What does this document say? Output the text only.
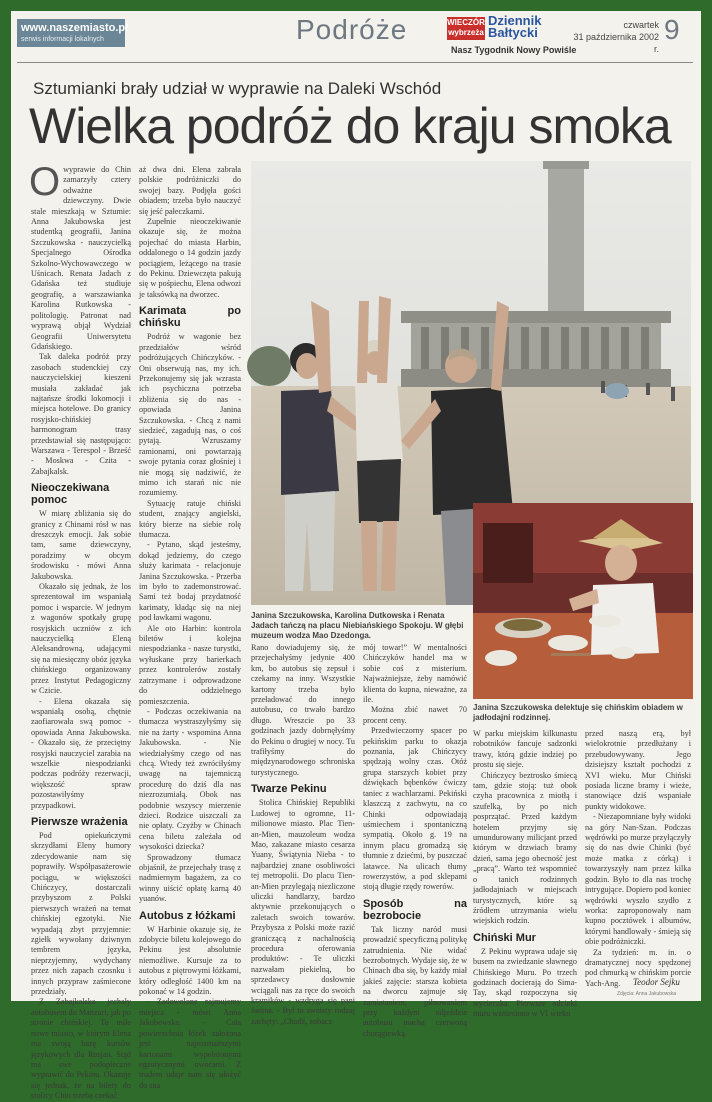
www.naszemiasto.pl
serwis informacji lokalnych	Podróże	WIECZÓR wybrzeża
Dziennik
Bałtycki
Nasz Tygodnik Nowy Powiśle
czwartek
31 października 2002 r.
9
Sztumianki brały udział w wyprawie na Daleki Wschód
Wielka podróż do kraju smoka
O wyprawie do Chin zamarzyły cztery odważne dziewczyny. Dwie stale mieszkają w Sztumie: Anna Jakubowska jest studentką geografii, Janina Szczukowska - nauczycielką Specjalnego Ośrodka Szkolno-Wychowawczego w Uśnicach. Renata Jadach z Gdańska też studiuje geografię, a warszawianka Karolina Rutkowska - politologię. Patronat nad wyprawą objął Wydział Geografii Uniwersytetu Gdańskiego.

Tak daleka podróż przy zasobach studenckiej czy nauczycielskiej kieszeni musiała zakładać jak najtańsze środki lokomocji i miejsca hotelowe. Do granicy rosyjsko-chińskiej harmonogram trasy przedstawiał się następująco: Warszawa - Terespol - Brześć - Moskwa - Czita - Zabajkalsk.

Nieoczekiwana pomoc

W miarę zbliżania się do granicy z Chinami rósł w nas dreszczyk emocji. Jak sobie tam, same dziewczyny, poradzimy w obcym środowisku - mówi Anna Jakubowska.

Okazało się jednak, że los sprezentował im wspaniałą pomoc i wsparcie. W jednym z wagonów spotkały grupę rosyjskich uczniów z ich nauczycielką Eleną Aleksandrowną, udającymi się na miesięczny obóz języka chińskiego organizowany przez Instytut Pedagogiczny w Czicie.

- Elena okazała się wspaniałą osobą, chętnie zaofiarowała swą pomoc - opowiada Anna Jakubowska. - Okazało się, że przeciętny rosyjski nauczyciel zarabia na wszelkie niespodzianki podczas podróży rezerwacji, większość spraw pozostawiłyśmy przypadkowi.

Pierwsze wrażenia

Pod opiekuńczymi skrzydłami Eleny humory zdecydowanie nam się poprawiły. Współpasażerowie pociągu, w większości Chińczycy, dostarczali przybyszom z Polski pierwszych wrażeń na temat chińskiej egzotyki. Nie wypadają zbyt przyjemnie: zgiełk wywołany dziwnym tembrem języka, nieprzyjemny, wydychany przez nich zapach czosnku i innych przypraw zaśmiecone przedziały.

Z Zabajkalska jechały autobusem do Manzuri, jak po stronie chińskiej. To miłe nowe miasto, w którym Elena ma swoją bazę kursów językowych dla Rosjan. Stąd ma swe podopieczne wyprawić do Pekinu. Okazuje się jednak, że na bilety do stolicy Chin trzeba czekać

aż dwa dni. Elena zabrała polskie podróżniczki do swojej bazy. Podjęła gości obiadem; trzeba było nauczyć się jeść pałeczkami.

Zupełnie nieoczekiwanie okazuje się, że można pojechać do miasta Harbin, oddalonego o 14 godzin jazdy pociągiem, leżącego na trasie do Pekinu. Dziewczęta pakują się w pośpiechu, Elena odwozi je taksówką na dworzec.

Karimata po chińsku

Podróż w wagonie bez przedziałów wśród podróżujących Chińczyków. - Oni obserwują nas, my ich. Przekonujemy się jak wzrasta ich psychiczna potrzeba zbliżenia się do nas - opowiada Janina Szczukowska. - Chcą z nami siedzieć, zagadują nas, o coś pytają. Wzruszamy ramionami, oni powtarzają swoje pytania coraz głośniej i nie mogą się nadziwić, że mimo ich starań nic nie rozumiemy.

Sytuację ratuje chiński student, znający angielski, który bierze na siebie rolę tłumacza.

- Pytano, skąd jesteśmy, dokąd jedziemy, do czego służy karimata - relacjonuje Janina Szczukowska. - Przerba im było to zademonstrować. Sami też bodaj przydatność karimaty, kładąc się na niej pod ławkami wagonu.

Ale oto Harbin: kontrola biletów i kolejna niespodzianka - nasze turystki, wyłuskane przy barierkach przez kontrolerów zostały zatrzymane i odprowadzone do oddzielnego pomieszczenia.

- Podczas oczekiwania na tłumacza wystraszyłyśmy się nie na żarty - wspomina Anna Jakubowska. - Nie wiedziałyśmy czego od nas chcą. Wtedy też zwróciłyśmy uwagę na tajemniczą procedurę do dziś dla nas niezrozumiałą. Obok nas podobnie wszyscy mierzenie dzieci. Rodzice uiszczali za nie opłaty. Czyżby w Chinach cena biletu zależała od wysokości dziecka?

Sprowadzony tłumacz objaśnił, że przejechały trasę z nadmiernym bagażem, za co winny uiścić opłatę karną 40 yuanów.

Autobus z łóżkami

W Harbinie okazuje się, że zdobycie biletu kolejowego do Pekinu jest absolutnie niemożliwe. Kursuje za to autobus z piętrowymi łóżkami, który odległość 1400 km na pokonać w 14 godzin.

- Zadowolone zajmujemy miejsca - mówi Anna Jakubowska. - Cała powierzchnia łóżek założona jest najrozmaitszymi kartonami wypełnionymi egzotycznymi owocami. Z trudem udaje nam się ułożyć do sna

Janina Szczukowska, Karolina Dutkowska i Renata Jadach tańczą na placu Niebiańskiego Spokoju. W głębi muzeum wodza Mao Dzedonga.
Janina Szczukowska delektuje się chińskim obiadem w jadłodajni rodzinnej.

Rano dowiadujemy się, że przejechałyśmy jedynie 400 km, bo autobus się zepsuł i czekamy na inny. Wszystkie kartony trzeba było przeładować do innego autobusu, co trwało bardzo długo. Wreszcie po 33 godzinach jazdy dobrnęłyśmy do Pekinu o drugiej w nocy. Tu trafiłyśmy do międzynarodowego schroniska turystycznego.

Twarze Pekinu

Stolica Chińskiej Republiki Ludowej to ogromne, 11-milionowe miasto. Plac Tien-an-Mien, mauzoleum wodza Mao, zakazane miasto cesarza Yuany, Świątynia Nieba - to najbardziej znane osobliwości tej metropolii. Do placu Tien-an-Mien przylegają niezliczone uliczki handlarzy, bardzo aktywnie przekonujących o zaletach swoich towarów. Przybysza z Polski może razić graniczącą z nachalnością procedura oferowania produktów: - Te uliczki nazwałam piekielną, bo sprzedawcy dosłownie wciągali nas za ręce do swoich kramików - wzdryga się pani Janina. - Był to swoisty rodzaj zachęty: „Chodź, zobacz

mój towar!” W mentalności Chińczyków handel ma w sobie coś z misterium. Najważniejsze, żeby namówić klienta do kupna, nieważne, za ile.

Można zbić nawet 70 procent ceny.

Przedwieczorny spacer po pekińskim parku to okazja poznania, jak Chińczycy spędzają wolny czas. Otóż grupa starszych kobiet przy dźwiękach bębenków ćwiczy taniec z wachlarzami. Pekiński klaszczą z zachwytu, na co Chinki odpowiadają uśmiechem i spontaniczną sympatią. Około g. 19 na innym placu gromadzą się tłumnie z dziećmi, by puszczać latawce. Na ulicach tłumy rowerzystów, a pod sklepami stoją długie rzędy rowerów.

Sposób na bezrobocie

Tak liczny naród musi prowadzić specyficzną politykę zatrudnienia. Nie widać bezrobotnych. Wydaje się, że w Chinach dba się, by każdy miał jakieś zajęcie: starsza kobieta na dworcu zajmuje się zamiataniem, pilnowaniem przy każdym odjeździe autobusu macha czerwoną chorągiewką.

W parku miejskim kilkunastu robotników fancuje sadzonki trawy, którą gdzie indziej po prostu się sieje.

Chińczycy beztrosko śmiecą tam, gdzie stoją: tuż obok czyha pracownica z miotłą i szufelką, by po nich posprzątać. Przed każdym hotelem przyjmy się umundurowany milicjant przed którym w drzwiach bramy dzień, sama jego obecność jest „pracą”. Warto też wspomnieć o tanich rodzinnych jadłodajniach w miejscach turystycznych, które są źródłem utrzymania wielu wiejskich rodzin.

Chiński Mur

Z Pekinu wyprawa udaje się busem na zwiedzanie sławnego Chińskiego Muru. Po trzech godzinach docierają do Sima-Tay, skąd rozpoczyna się wycieczka. Pierwsze odcinki muru wzniesiono w VI wieku

przed naszą erą, był wielokrotnie przedłużany i przebudowywany. Jego dzisiejszy kształt pochodzi z XVI wieku. Mur Chiński posiada liczne bramy i wieże, stanowiące dziś wspaniałe punkty widokowe.

- Niezapomniane były widoki na góry Nan-Szan. Podczas wędrówki po murze przyłączyły się do nas dwie Chinki (być może matka z córką) i towarzyszyły nam przez kilka godzin. Było to dla nas trochę intrygujące. Dopiero pod koniec wędrówki wyszło szydło z worka: zaproponowały nam kupno pocztówek i albumów, którymi handlowały - śmieją się obie podróżniczki.

Za tydzień: m. in. o dramatycznej nocy spędzonej pod chmurką w chińskim porcie Yach-Ang.	Teodor Sejku
Zdjęcia: Anna Jakubowska
